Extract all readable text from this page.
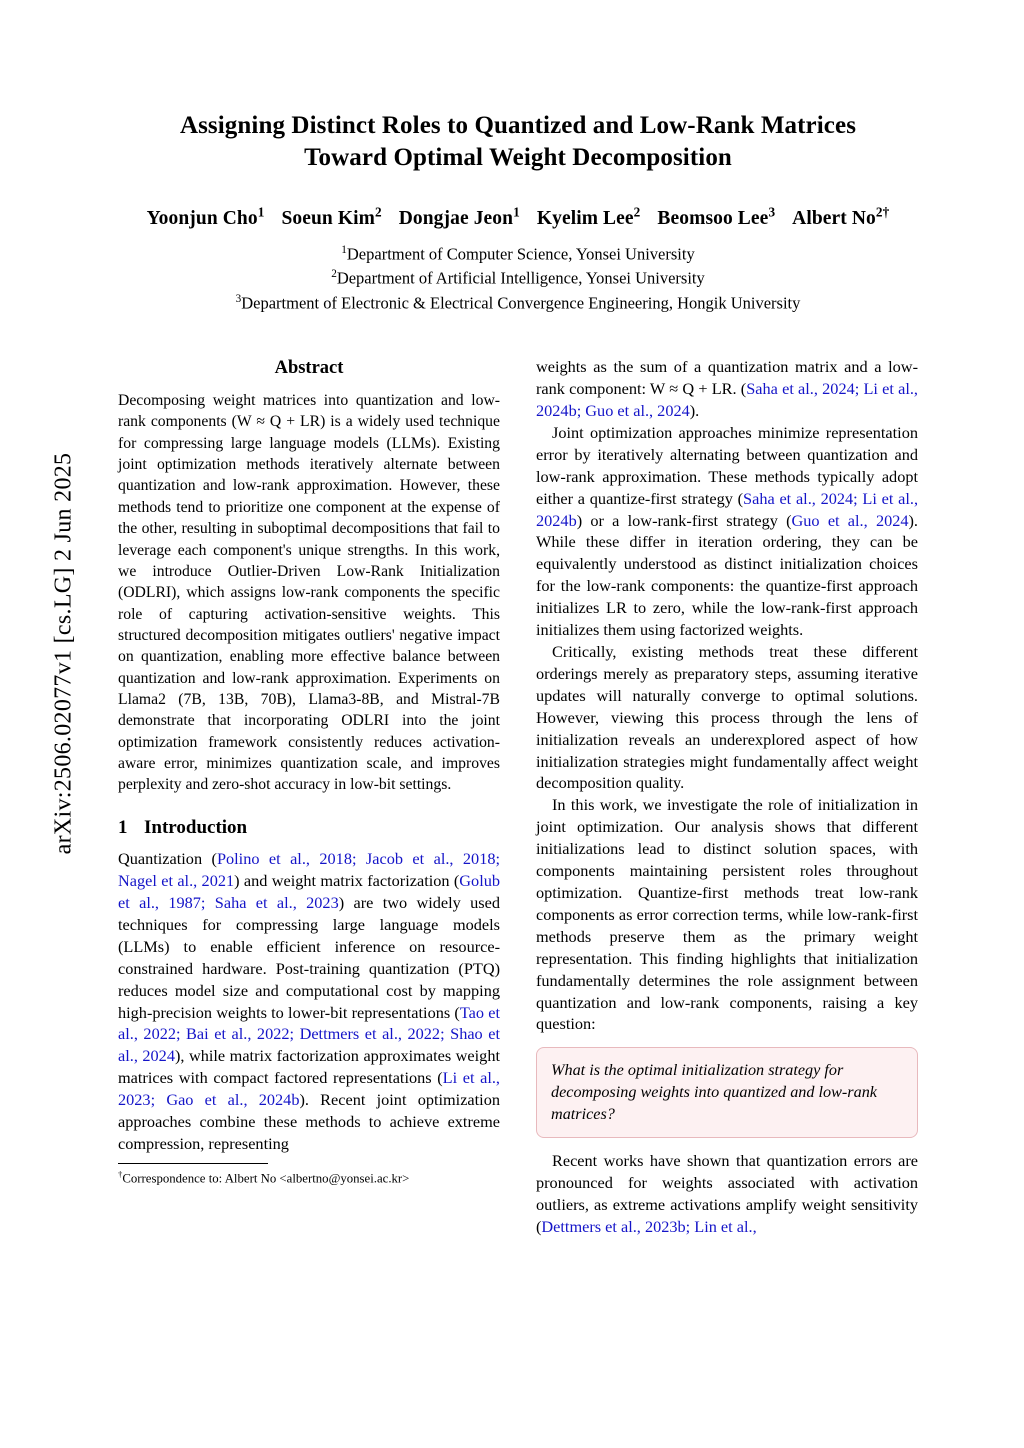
arXiv:2506.02077v1 [cs.LG] 2 Jun 2025
Assigning Distinct Roles to Quantized and Low-Rank Matrices
Toward Optimal Weight Decomposition
Yoonjun Cho$^1$ Soeun Kim$^2$ Dongjae Jeon$^1$ Kyelim Lee$^2$ Beomsoo Lee$^3$ Albert $No^{2\dagger}$
$^1$Department of Computer Science, Yonsei University
$^2$Department of Artificial Intelligence, Yonsei University
$^3$Department of Electronic & Electrical Convergence Engineering, Hongik University
Abstract
Decomposing weight matrices into quantization and low-rank components (W ≈ Q + LR) is a widely used technique for compressing large language models (LLMs). Existing joint optimization methods iteratively alternate between quantization and low-rank approximation. However, these methods tend to prioritize one component at the expense of the other, resulting in suboptimal decompositions that fail to leverage each component's unique strengths. In this work, we introduce Outlier-Driven Low-Rank Initialization (ODLRI), which assigns low-rank components the specific role of capturing activation-sensitive weights. This structured decomposition mitigates outliers' negative impact on quantization, enabling more effective balance between quantization and low-rank approximation. Experiments on Llama2 (7B, 13B, 70B), Llama3-8B, and Mistral-7B demonstrate that incorporating ODLRI into the joint optimization framework consistently reduces activation-aware error, minimizes quantization scale, and improves perplexity and zero-shot accuracy in low-bit settings.
1 Introduction

Quantization (Polino et al., 2018; Jacob et al., 2018; Nagel et al., 2021) and weight matrix factorization (Golub et al., 1987; Saha et al., 2023) are two widely used techniques for compressing large language models (LLMs) to enable efficient inference on resource-constrained hardware. Post-training quantization (PTQ) reduces model size and computational cost by mapping high-precision weights to lower-bit representations (Tao et al., 2022; Bai et al., 2022; Dettmers et al., 2022; Shao et al., 2024), while matrix factorization approximates weight matrices with compact factored representations (Li et al., 2023; Gao et al., 2024b). Recent joint optimization approaches combine these methods to achieve extreme compression, representing

†Correspondence to: Albert No <albertno@yonsei.ac.kr>

weights as the sum of a quantization matrix and a low-rank component: W ≈ Q + LR. (Saha et al., 2024; Li et al., 2024b; Guo et al., 2024).

Joint optimization approaches minimize representation error by iteratively alternating between quantization and low-rank approximation. These methods typically adopt either a quantize-first strategy (Saha et al., 2024; Li et al., 2024b) or a low-rank-first strategy (Guo et al., 2024). While these differ in iteration ordering, they can be equivalently understood as distinct initialization choices for the low-rank components: the quantize-first approach initializes LR to zero, while the low-rank-first approach initializes them using factorized weights.

Critically, existing methods treat these different orderings merely as preparatory steps, assuming iterative updates will naturally converge to optimal solutions. However, viewing this process through the lens of initialization reveals an underexplored aspect of how initialization strategies might fundamentally affect weight decomposition quality.

In this work, we investigate the role of initialization in joint optimization. Our analysis shows that different initializations lead to distinct solution spaces, with components maintaining persistent roles throughout optimization. Quantize-first methods treat low-rank components as error correction terms, while low-rank-first methods preserve them as the primary weight representation. This finding highlights that initialization fundamentally determines the role assignment between quantization and low-rank components, raising a key question:

What is the optimal initialization strategy for decomposing weights into quantized and low-rank matrices?

Recent works have shown that quantization errors are pronounced for weights associated with activation outliers, as extreme activations amplify weight sensitivity (Dettmers et al., 2023b; Lin et al.,
